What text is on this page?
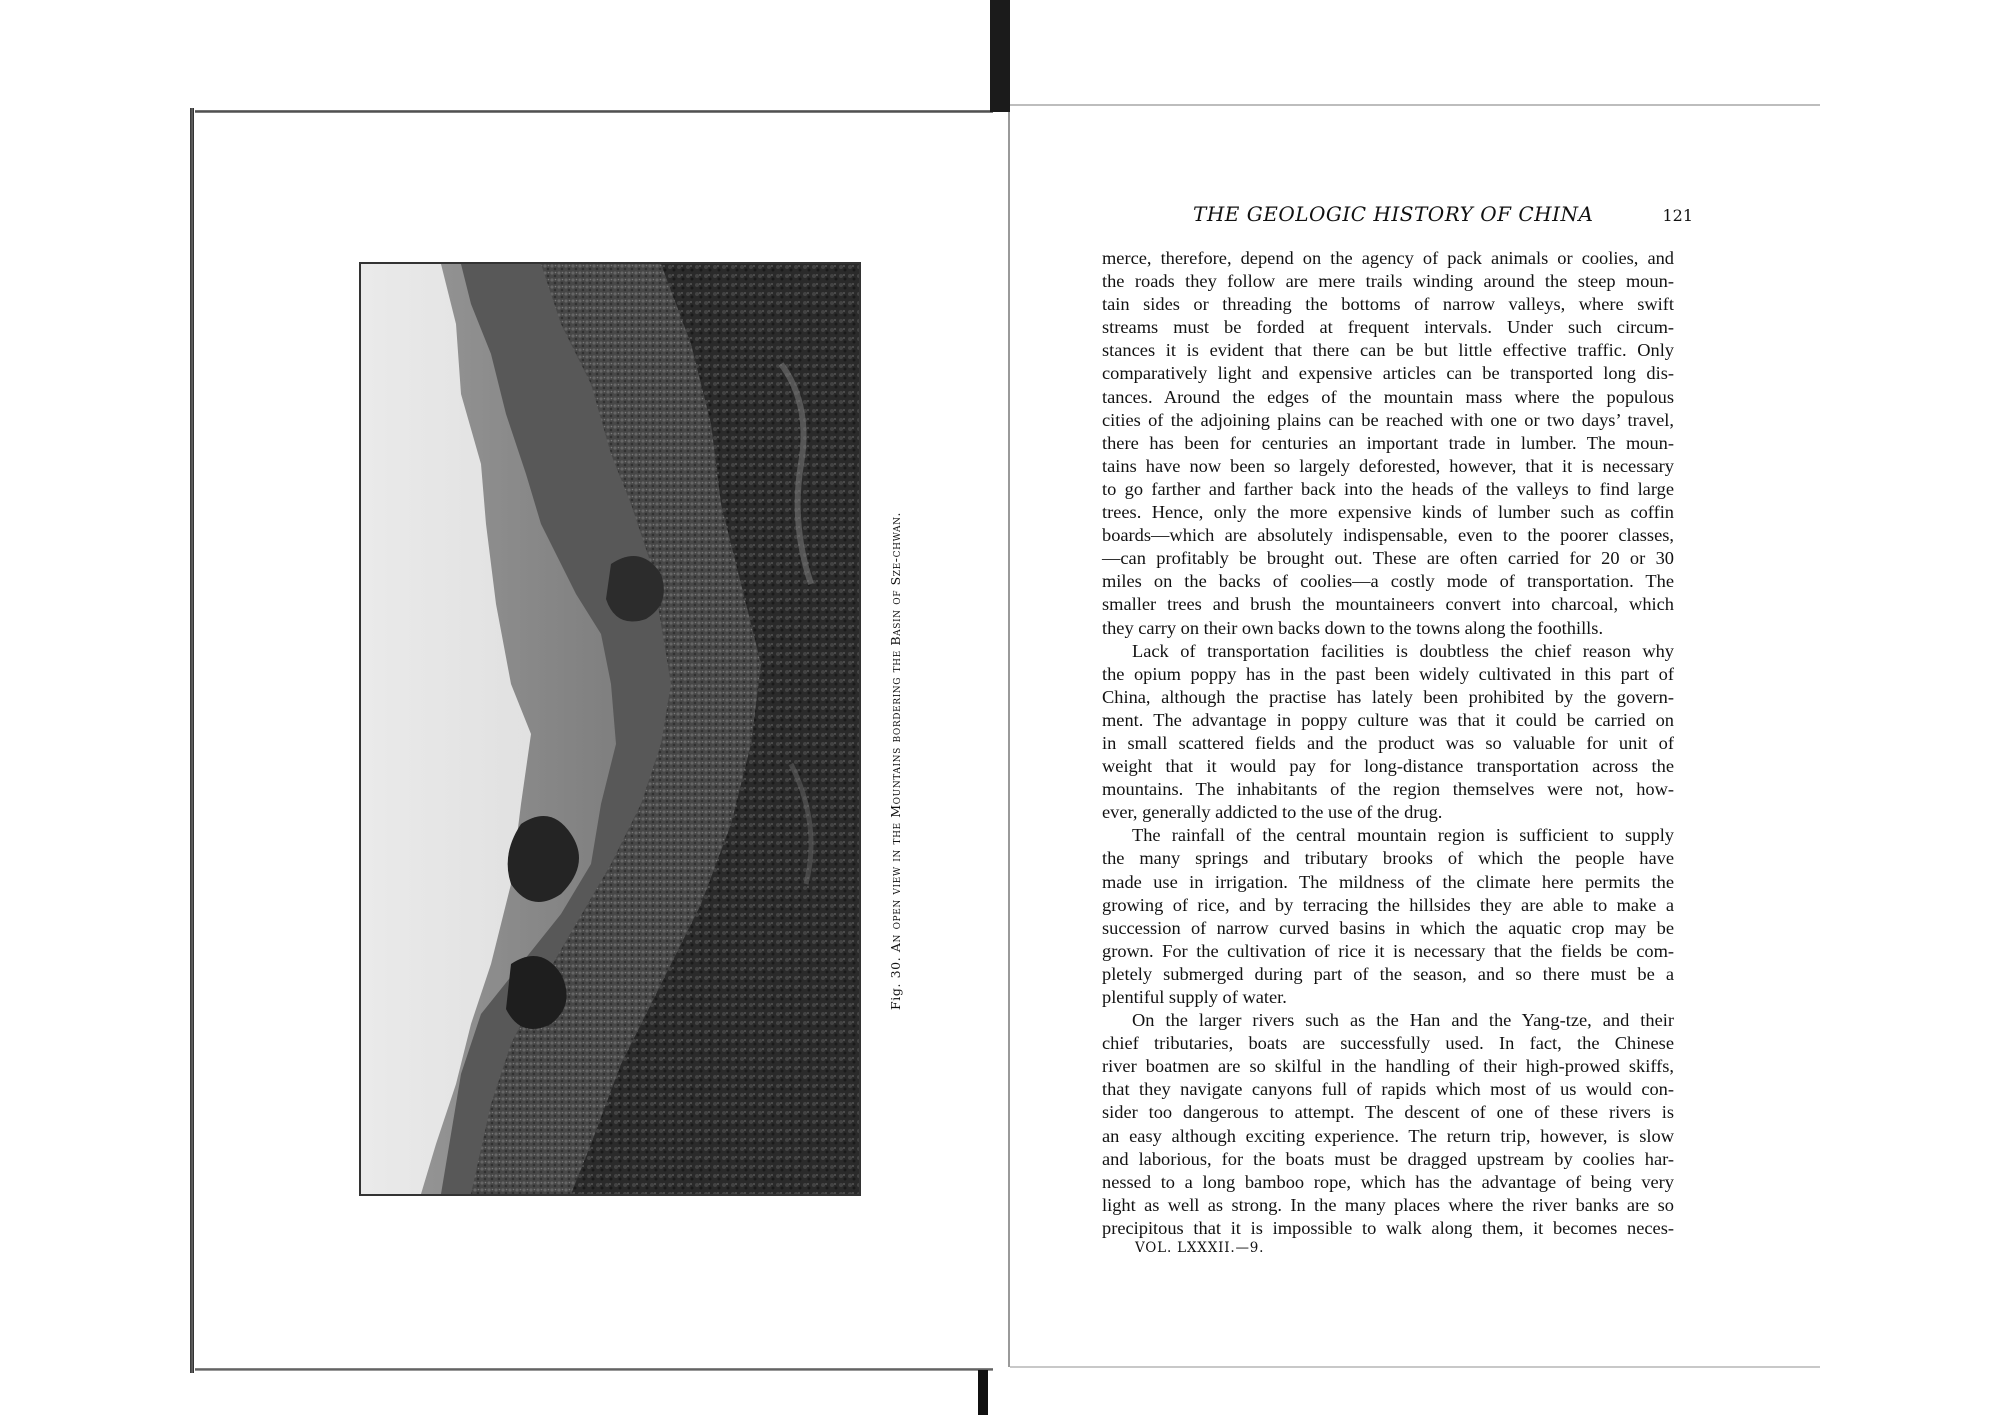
Fig. 30. An open view in the Mountains bordering the Basin of Sze-chwan.
THE GEOLOGIC HISTORY OF CHINA	121
merce, therefore, depend on the agency of pack animals or coolies, and
the roads they follow are mere trails winding around the steep moun-
tain sides or threading the bottoms of narrow valleys, where swift
streams must be forded at frequent intervals. Under such circum-
stances it is evident that there can be but little effective traffic. Only
comparatively light and expensive articles can be transported long dis-
tances. Around the edges of the mountain mass where the populous
cities of the adjoining plains can be reached with one or two days’ travel,
there has been for centuries an important trade in lumber. The moun-
tains have now been so largely deforested, however, that it is necessary
to go farther and farther back into the heads of the valleys to find large
trees. Hence, only the more expensive kinds of lumber such as coffin
boards—which are absolutely indispensable, even to the poorer classes,
—can profitably be brought out. These are often carried for 20 or 30
miles on the backs of coolies—a costly mode of transportation. The
smaller trees and brush the mountaineers convert into charcoal, which
they carry on their own backs down to the towns along the foothills.
Lack of transportation facilities is doubtless the chief reason why
the opium poppy has in the past been widely cultivated in this part of
China, although the practise has lately been prohibited by the govern-
ment. The advantage in poppy culture was that it could be carried on
in small scattered fields and the product was so valuable for unit of
weight that it would pay for long-distance transportation across the
mountains. The inhabitants of the region themselves were not, how-
ever, generally addicted to the use of the drug.
The rainfall of the central mountain region is sufficient to supply
the many springs and tributary brooks of which the people have
made use in irrigation. The mildness of the climate here permits the
growing of rice, and by terracing the hillsides they are able to make a
succession of narrow curved basins in which the aquatic crop may be
grown. For the cultivation of rice it is necessary that the fields be com-
pletely submerged during part of the season, and so there must be a
plentiful supply of water.
On the larger rivers such as the Han and the Yang-tze, and their
chief tributaries, boats are successfully used. In fact, the Chinese
river boatmen are so skilful in the handling of their high-prowed skiffs,
that they navigate canyons full of rapids which most of us would con-
sider too dangerous to attempt. The descent of one of these rivers is
an easy although exciting experience. The return trip, however, is slow
and laborious, for the boats must be dragged upstream by coolies har-
nessed to a long bamboo rope, which has the advantage of being very
light as well as strong. In the many places where the river banks are so
precipitous that it is impossible to walk along them, it becomes neces-
VOL. LXXXII.—9.
